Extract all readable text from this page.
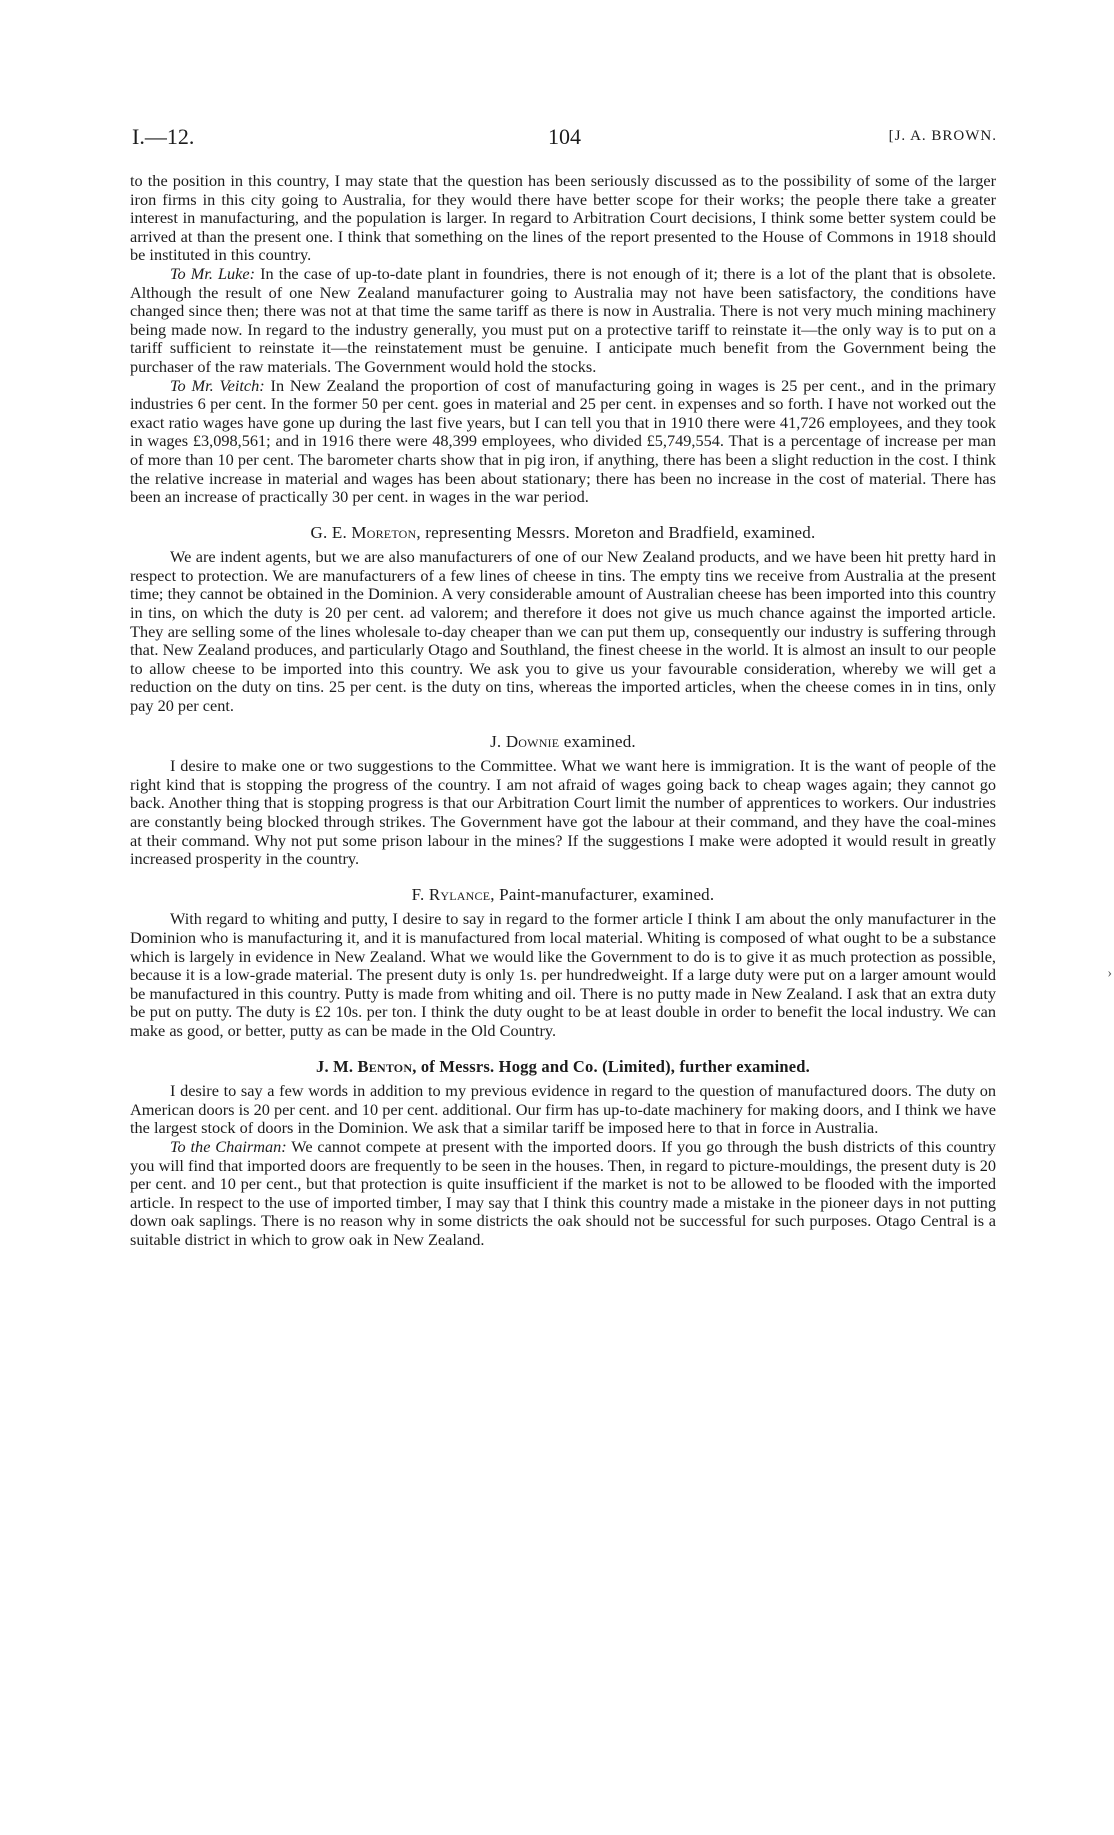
I.—12.	104	[J. A. BROWN.

to the position in this country, I may state that the question has been seriously discussed as to the possibility of some of the larger iron firms in this city going to Australia, for they would there have better scope for their works; the people there take a greater interest in manufacturing, and the population is larger. In regard to Arbitration Court decisions, I think some better system could be arrived at than the present one. I think that something on the lines of the report presented to the House of Commons in 1918 should be instituted in this country.

To Mr. Luke: In the case of up-to-date plant in foundries, there is not enough of it; there is a lot of the plant that is obsolete. Although the result of one New Zealand manufacturer going to Australia may not have been satisfactory, the conditions have changed since then; there was not at that time the same tariff as there is now in Australia. There is not very much mining machinery being made now. In regard to the industry generally, you must put on a protective tariff to reinstate it—the only way is to put on a tariff sufficient to reinstate it—the reinstatement must be genuine. I anticipate much benefit from the Government being the purchaser of the raw materials. The Government would hold the stocks.

To Mr. Veitch: In New Zealand the proportion of cost of manufacturing going in wages is 25 per cent., and in the primary industries 6 per cent. In the former 50 per cent. goes in material and 25 per cent. in expenses and so forth. I have not worked out the exact ratio wages have gone up during the last five years, but I can tell you that in 1910 there were 41,726 employees, and they took in wages £3,098,561; and in 1916 there were 48,399 employees, who divided £5,749,554. That is a percentage of increase per man of more than 10 per cent. The barometer charts show that in pig iron, if anything, there has been a slight reduction in the cost. I think the relative increase in material and wages has been about stationary; there has been no increase in the cost of material. There has been an increase of practically 30 per cent. in wages in the war period.

G. E. Moreton, representing Messrs. Moreton and Bradfield, examined.

We are indent agents, but we are also manufacturers of one of our New Zealand products, and we have been hit pretty hard in respect to protection. We are manufacturers of a few lines of cheese in tins. The empty tins we receive from Australia at the present time; they cannot be obtained in the Dominion. A very considerable amount of Australian cheese has been imported into this country in tins, on which the duty is 20 per cent. ad valorem; and therefore it does not give us much chance against the imported article. They are selling some of the lines wholesale to-day cheaper than we can put them up, consequently our industry is suffering through that. New Zealand produces, and particularly Otago and Southland, the finest cheese in the world. It is almost an insult to our people to allow cheese to be imported into this country. We ask you to give us your favourable consideration, whereby we will get a reduction on the duty on tins. 25 per cent. is the duty on tins, whereas the imported articles, when the cheese comes in in tins, only pay 20 per cent.

J. Downie examined.

I desire to make one or two suggestions to the Committee. What we want here is immigration. It is the want of people of the right kind that is stopping the progress of the country. I am not afraid of wages going back to cheap wages again; they cannot go back. Another thing that is stopping progress is that our Arbitration Court limit the number of apprentices to workers. Our industries are constantly being blocked through strikes. The Government have got the labour at their command, and they have the coal-mines at their command. Why not put some prison labour in the mines? If the suggestions I make were adopted it would result in greatly increased prosperity in the country.

F. Rylance, Paint-manufacturer, examined.

With regard to whiting and putty, I desire to say in regard to the former article I think I am about the only manufacturer in the Dominion who is manufacturing it, and it is manufactured from local material. Whiting is composed of what ought to be a substance which is largely in evidence in New Zealand. What we would like the Government to do is to give it as much protection as possible, because it is a low-grade material. The present duty is only 1s. per hundredweight. If a large duty were put on a larger amount would be manufactured in this country. Putty is made from whiting and oil. There is no putty made in New Zealand. I ask that an extra duty be put on putty. The duty is £2 10s. per ton. I think the duty ought to be at least double in order to benefit the local industry. We can make as good, or better, putty as can be made in the Old Country.

J. M. Benton, of Messrs. Hogg and Co. (Limited), further examined.

I desire to say a few words in addition to my previous evidence in regard to the question of manufactured doors. The duty on American doors is 20 per cent. and 10 per cent. additional. Our firm has up-to-date machinery for making doors, and I think we have the largest stock of doors in the Dominion. We ask that a similar tariff be imposed here to that in force in Australia.

To the Chairman: We cannot compete at present with the imported doors. If you go through the bush districts of this country you will find that imported doors are frequently to be seen in the houses. Then, in regard to picture-mouldings, the present duty is 20 per cent. and 10 per cent., but that protection is quite insufficient if the market is not to be allowed to be flooded with the imported article. In respect to the use of imported timber, I may say that I think this country made a mistake in the pioneer days in not putting down oak saplings. There is no reason why in some districts the oak should not be successful for such purposes. Otago Central is a suitable district in which to grow oak in New Zealand.

›
